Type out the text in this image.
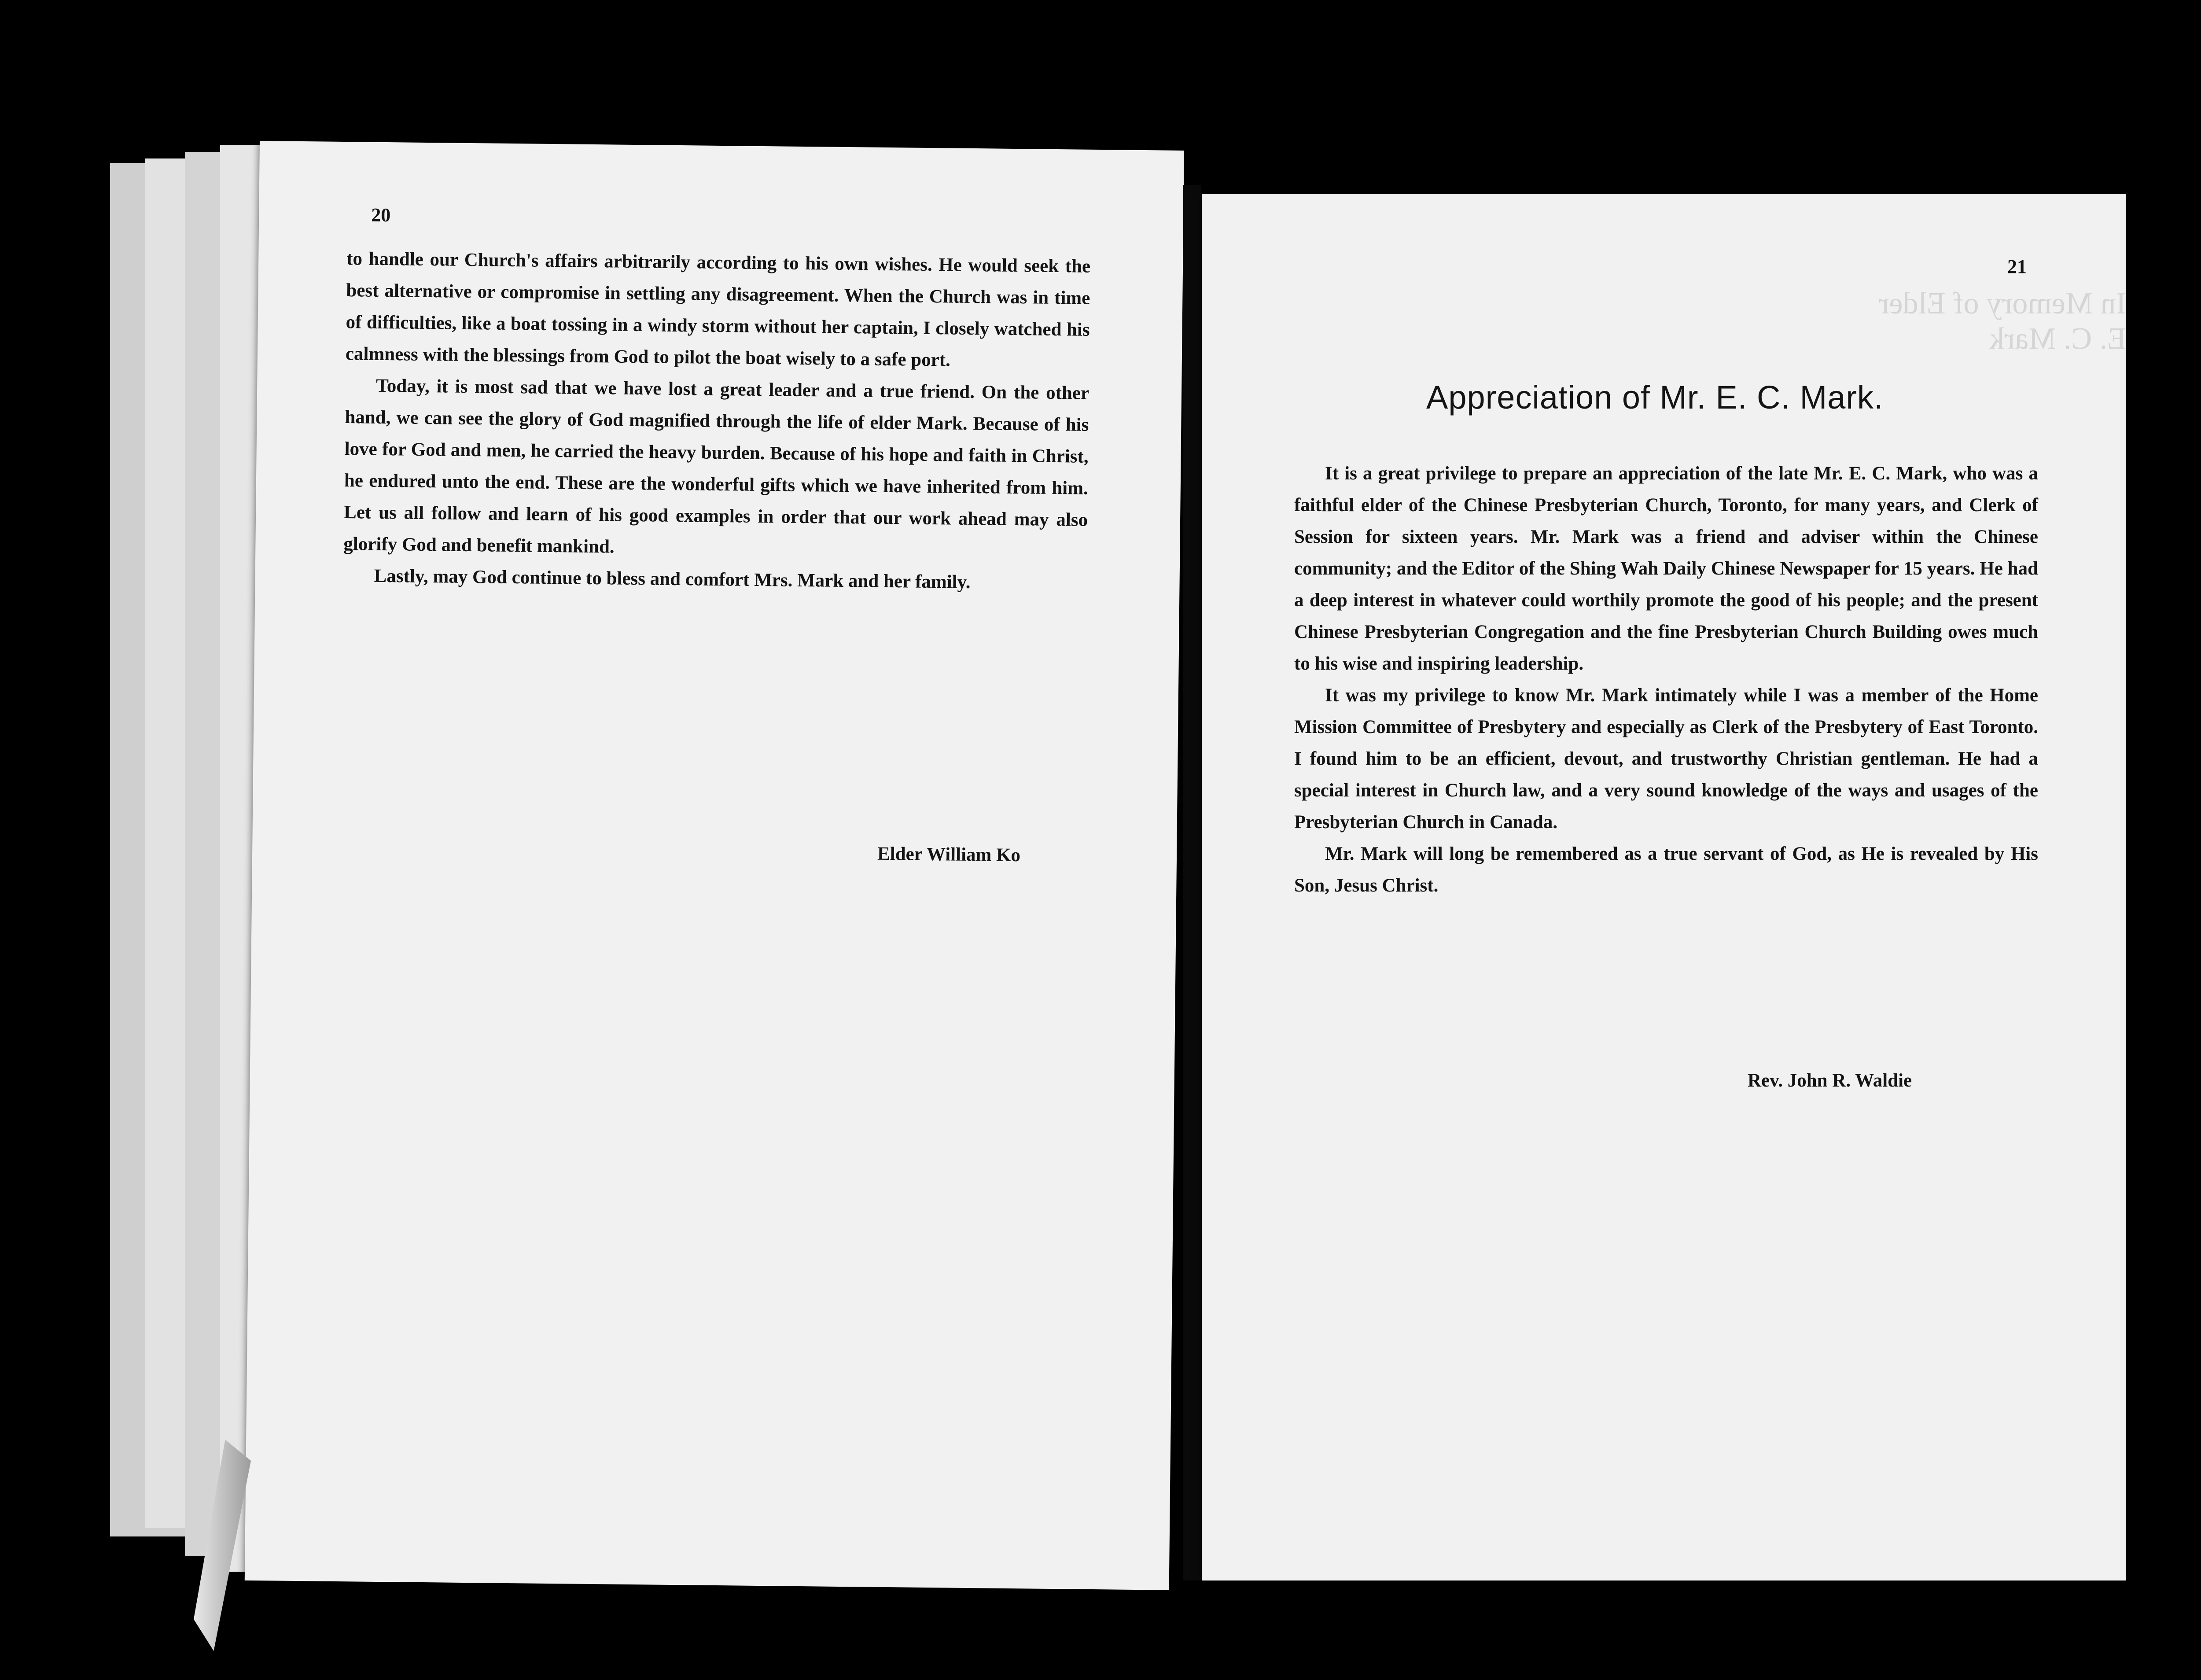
20

to handle our Church's affairs arbitrarily according to his own wishes. He would seek the best alternative or compromise in settling any disagreement. When the Church was in time of difficulties, like a boat tossing in a windy storm without her captain, I closely watched his calmness with the blessings from God to pilot the boat wisely to a safe port.

Today, it is most sad that we have lost a great leader and a true friend. On the other hand, we can see the glory of God magnified through the life of elder Mark. Because of his love for God and men, he carried the heavy burden. Because of his hope and faith in Christ, he endured unto the end. These are the wonderful gifts which we have inherited from him. Let us all follow and learn of his good examples in order that our work ahead may also glorify God and benefit mankind.

Lastly, may God continue to bless and comfort Mrs. Mark and her family.

Elder William Ko
In Memory of Elder E. C. Mark
21
Appreciation of Mr. E. C. Mark.

It is a great privilege to prepare an appreciation of the late Mr. E. C. Mark, who was a faithful elder of the Chinese Presbyterian Church, Toronto, for many years, and Clerk of Session for sixteen years. Mr. Mark was a friend and adviser within the Chinese community; and the Editor of the Shing Wah Daily Chinese Newspaper for 15 years. He had a deep interest in whatever could worthily promote the good of his people; and the present Chinese Presbyterian Congregation and the fine Presbyterian Church Building owes much to his wise and inspiring leadership.

It was my privilege to know Mr. Mark intimately while I was a member of the Home Mission Committee of Presbytery and especially as Clerk of the Presbytery of East Toronto. I found him to be an efficient, devout, and trustworthy Christian gentleman. He had a special interest in Church law, and a very sound knowledge of the ways and usages of the Presbyterian Church in Canada.

Mr. Mark will long be remembered as a true servant of God, as He is revealed by His Son, Jesus Christ.

Rev. John R. Waldie
